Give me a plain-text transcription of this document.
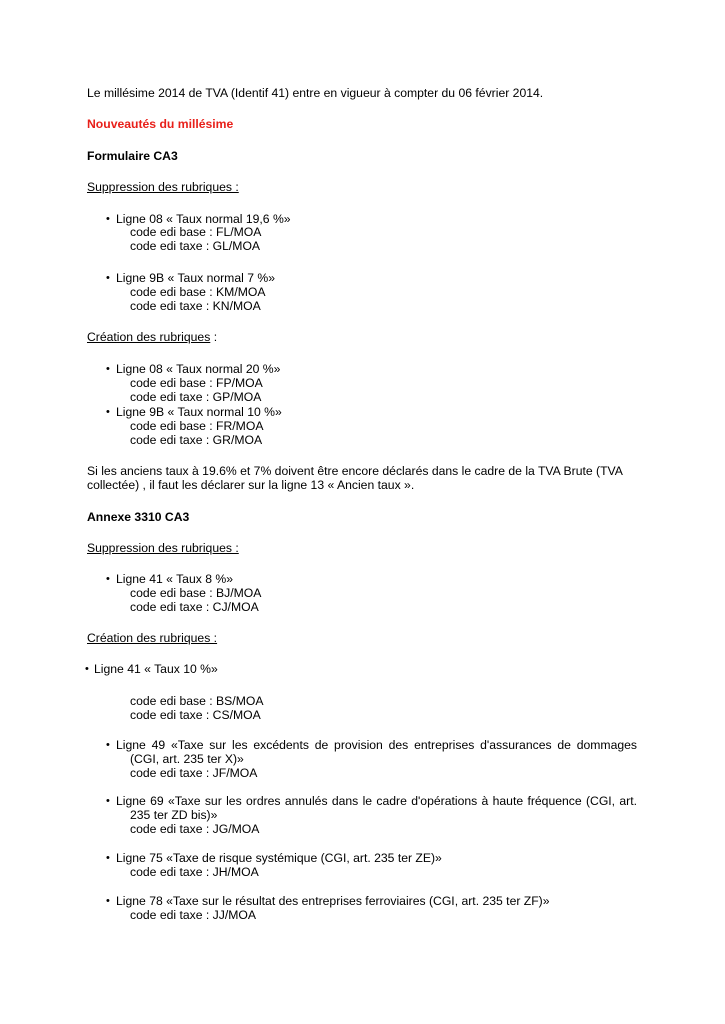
Le millésime 2014 de TVA (Identif 41) entre en vigueur à compter du 06 février 2014.
Nouveautés du millésime
Formulaire CA3
Suppression des rubriques :
• Ligne 08 « Taux normal 19,6 %»
code edi base : FL/MOA
code edi taxe : GL/MOA
• Ligne 9B « Taux normal 7 %»
code edi base : KM/MOA
code edi taxe : KN/MOA
Création des rubriques :
• Ligne 08 « Taux normal 20 %»
code edi base : FP/MOA
code edi taxe : GP/MOA
• Ligne 9B « Taux normal 10 %»
code edi base : FR/MOA
code edi taxe : GR/MOA
Si les anciens taux à 19.6% et 7% doivent être encore déclarés dans le cadre de la TVA Brute (TVA
collectée) , il faut les déclarer sur la ligne 13 « Ancien taux ».
Annexe 3310 CA3
Suppression des rubriques :
• Ligne 41 « Taux 8 %»
code edi base : BJ/MOA
code edi taxe : CJ/MOA
Création des rubriques :
• Ligne 41 « Taux 10 %»
code edi base : BS/MOA
code edi taxe : CS/MOA
• Ligne 49 «Taxe sur les excédents de provision des entreprises d'assurances de dommages
(CGI, art. 235 ter X)»
code edi taxe : JF/MOA
• Ligne 69 «Taxe sur les ordres annulés dans le cadre d'opérations à haute fréquence (CGI, art.
235 ter ZD bis)»
code edi taxe : JG/MOA
• Ligne 75 «Taxe de risque systémique (CGI, art. 235 ter ZE)»
code edi taxe : JH/MOA
• Ligne 78 «Taxe sur le résultat des entreprises ferroviaires (CGI, art. 235 ter ZF)»
code edi taxe : JJ/MOA
